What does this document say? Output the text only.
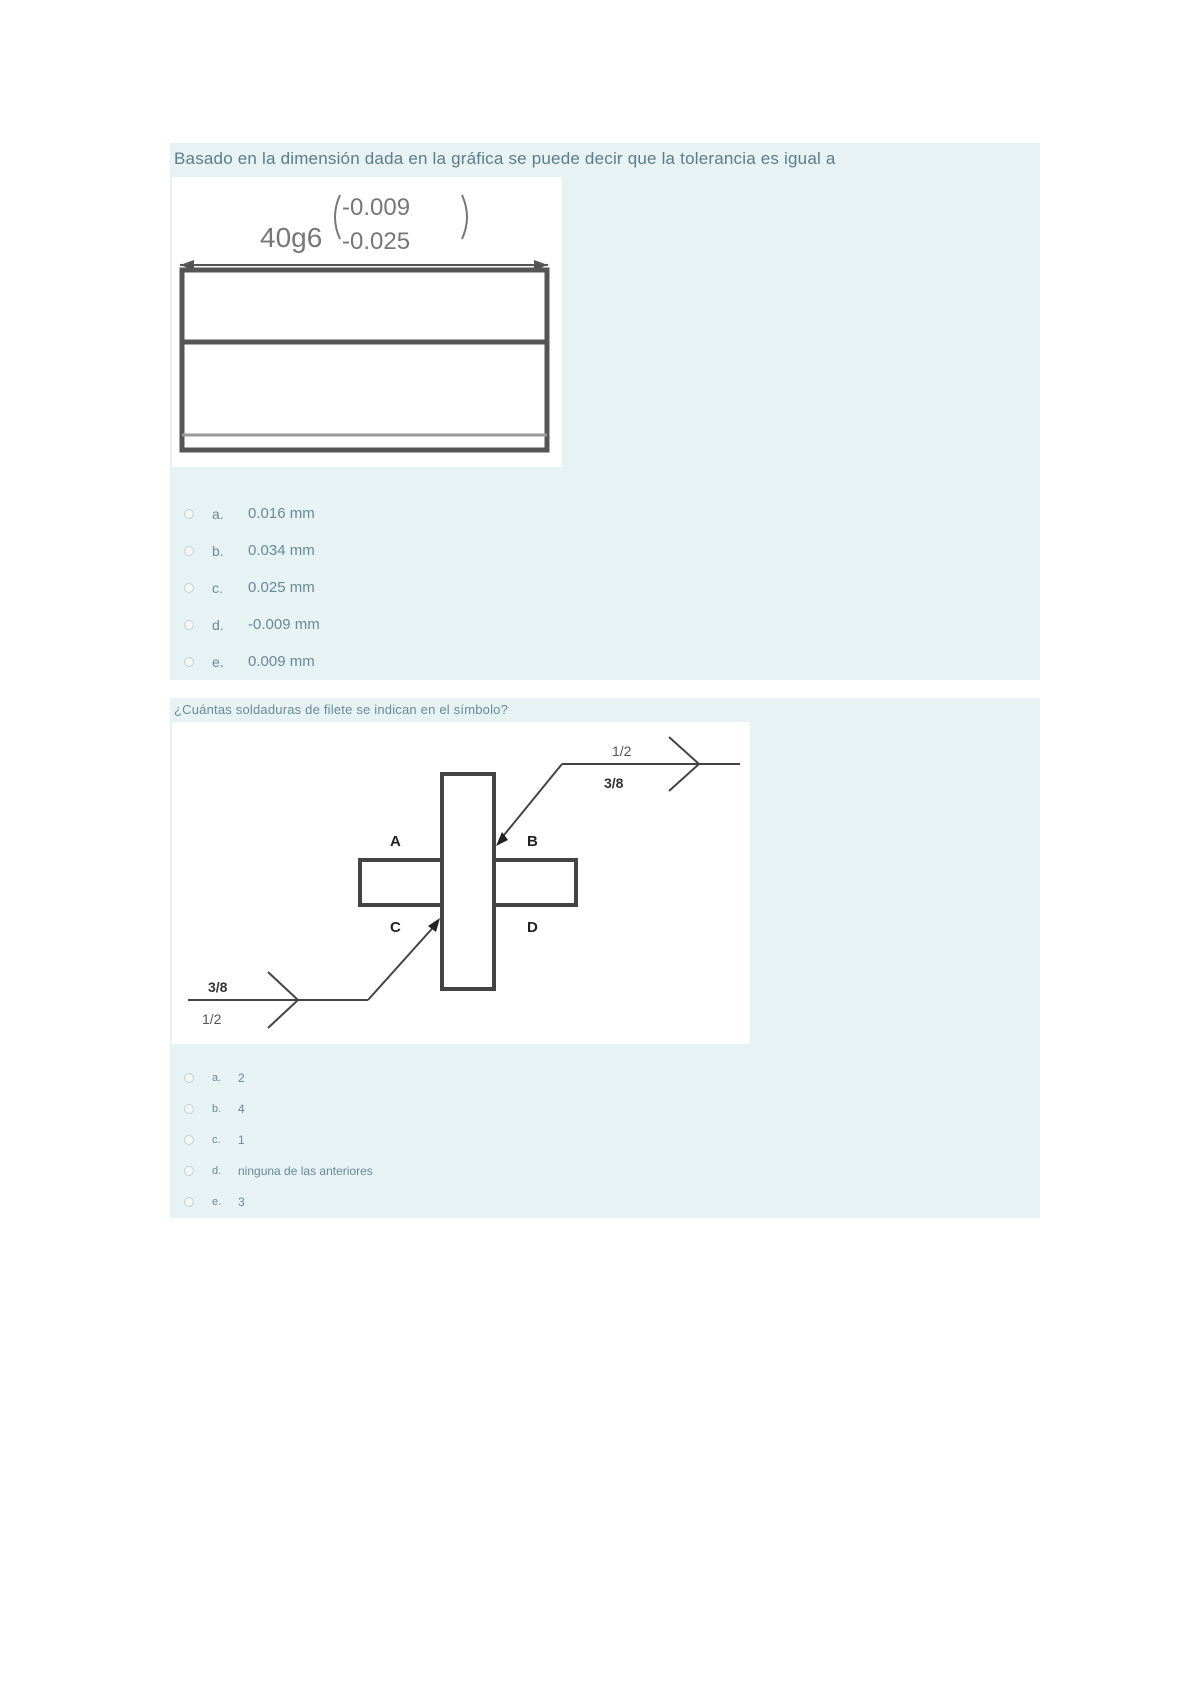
Basado en la dimensión dada en la gráfica se puede decir que la tolerancia es igual a
40g6
-0.009
-0.025
a.	0.016 mm
b.	0.034 mm
c.	0.025 mm
d.	-0.009 mm
e.	0.009 mm
¿Cuántas soldaduras de filete se indican en el símbolo?
1/2
3/8
3/8
1/2
A	B
C	D
a.	2
b.	4
c.	1
d.	ninguna de las anteriores
e.	3
